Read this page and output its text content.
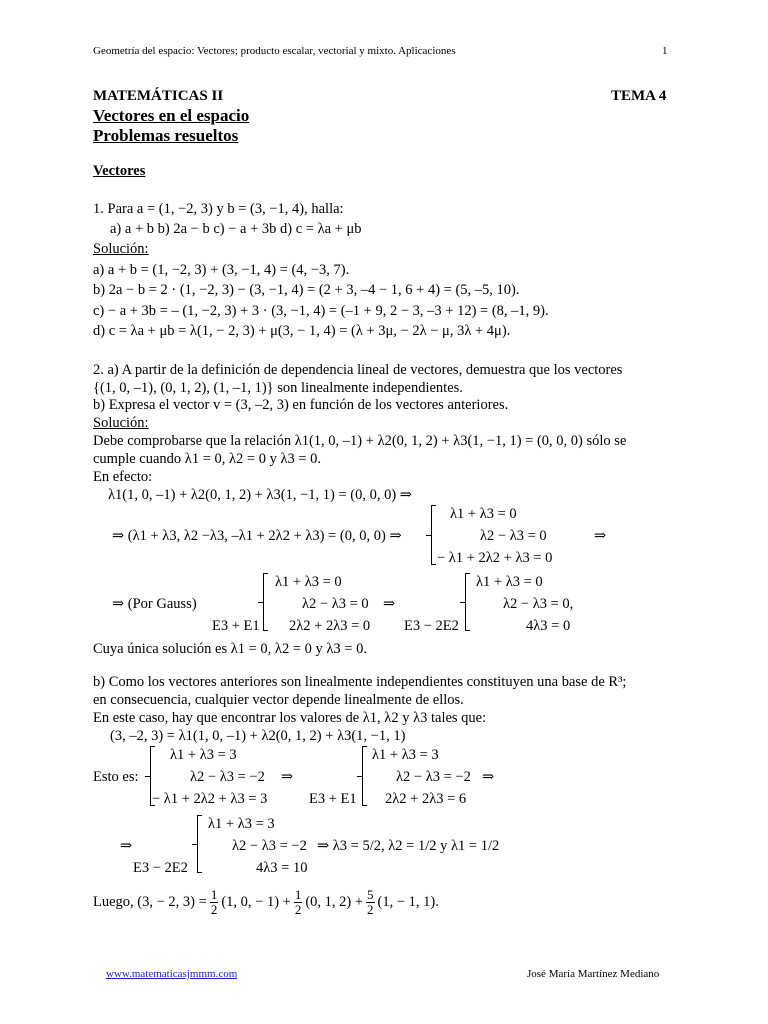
Geometría del espacio: Vectores; producto escalar, vectorial y mixto. Aplicaciones	1
MATEMÁTICAS II	TEMA 4
Vectores en el espacio
Problemas resueltos
Vectores
1. Para a = (1, −2, 3) y b = (3, −1, 4), halla:
a) a + b b) 2a − b c) − a + 3b d) c = λa + μb
Solución:
a) a + b = (1, −2, 3) + (3, −1, 4) = (4, −3, 7).
b) 2a − b = 2 · (1, −2, 3) − (3, −1, 4) = (2 + 3, –4 − 1, 6 + 4) = (5, –5, 10).
c) − a + 3b = – (1, −2, 3) + 3 · (3, −1, 4) = (–1 + 9, 2 − 3, –3 + 12) = (8, –1, 9).
d) c = λa + μb = λ(1, − 2, 3) + μ(3, − 1, 4) = (λ + 3μ, − 2λ − μ, 3λ + 4μ).
2. a) A partir de la definición de dependencia lineal de vectores, demuestra que los vectores
{(1, 0, –1), (0, 1, 2), (1, –1, 1)} son linealmente independientes.
b) Expresa el vector v = (3, –2, 3) en función de los vectores anteriores.
Solución:
Debe comprobarse que la relación λ1(1, 0, –1) + λ2(0, 1, 2) + λ3(1, −1, 1) = (0, 0, 0) sólo se
cumple cuando λ1 = 0, λ2 = 0 y λ3 = 0.
En efecto:
λ1(1, 0, –1) + λ2(0, 1, 2) + λ3(1, −1, 1) = (0, 0, 0) ⇒
⇒ (λ1 + λ3, λ2 −λ3, –λ1 + 2λ2 + λ3) = (0, 0, 0) ⇒
λ1 + λ3 = 0
λ2 − λ3 = 0
− λ1 + 2λ2 + λ3 = 0
⇒
⇒ (Por Gauss)
λ1 + λ3 = 0
λ2 − λ3 = 0
2λ2 + 2λ3 = 0
E3 + E1
⇒
λ1 + λ3 = 0
λ2 − λ3 = 0,
4λ3 = 0
E3 − 2E2
Cuya única solución es λ1 = 0, λ2 = 0 y λ3 = 0.
b) Como los vectores anteriores son linealmente independientes constituyen una base de R³;
en consecuencia, cualquier vector depende linealmente de ellos.
En este caso, hay que encontrar los valores de λ1, λ2 y λ3 tales que:
(3, –2, 3) = λ1(1, 0, –1) + λ2(0, 1, 2) + λ3(1, −1, 1)
Esto es:
λ1 + λ3 = 3
λ2 − λ3 = −2
− λ1 + 2λ2 + λ3 = 3
⇒
λ1 + λ3 = 3
λ2 − λ3 = −2
2λ2 + 2λ3 = 6
E3 + E1
⇒
⇒
λ1 + λ3 = 3
λ2 − λ3 = −2
4λ3 = 10
E3 − 2E2
⇒ λ3 = 5/2, λ2 = 1/2 y λ1 = 1/2
Luego, (3, − 2, $3) = \frac{1}{2} (1$, 0, − $1) + \frac{1}{2} (0$, 1, $2) + \frac{5}{2} (1$, − 1, 1).
www.matematicasjmmm.com	José María Martínez Mediano
